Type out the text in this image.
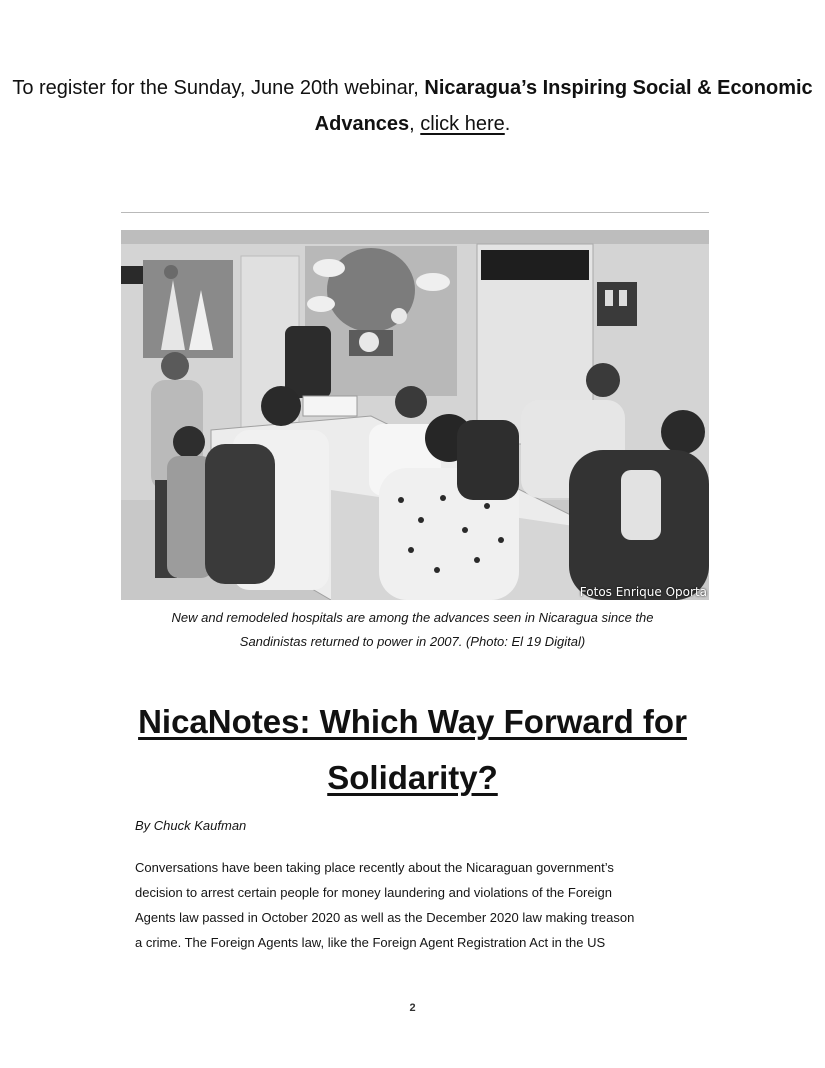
To register for the Sunday, June 20th webinar, Nicaragua’s Inspiring Social & Economic Advances, click here.
Fotos Enrique Oporta
New and remodeled hospitals are among the advances seen in Nicaragua since the
Sandinistas returned to power in 2007. (Photo: El 19 Digital)
NicaNotes: Which Way Forward for
Solidarity?
By Chuck Kaufman
Conversations have been taking place recently about the Nicaraguan government’s
decision to arrest certain people for money laundering and violations of the Foreign
Agents law passed in October 2020 as well as the December 2020 law making treason
a crime. The Foreign Agents law, like the Foreign Agent Registration Act in the US
2
